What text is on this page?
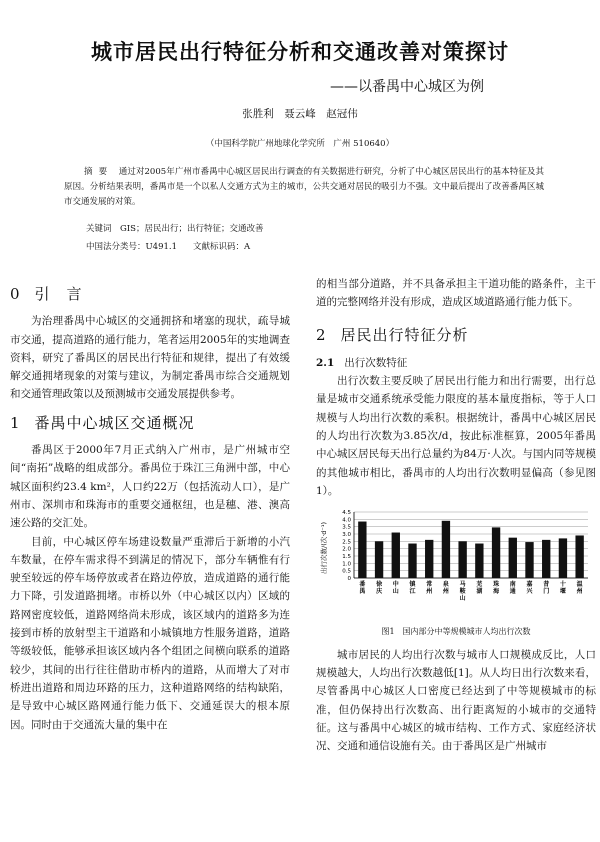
城市居民出行特征分析和交通改善对策探讨
——以番禺中心城区为例
张胜利　聂云峰　赵冠伟
（中国科学院广州地球化学究所　广州 510640）
摘要 通过对2005年广州市番禺中心城区居民出行调查的有关数据进行研究，分析了中心城区居民出行的基本特征及其原因。分析结果表明，番禺市是一个以私人交通方式为主的城市，公共交通对居民的吸引力不强。文中最后提出了改善番禺区城市交通发展的对策。
关键词　GIS；居民出行；出行特征；交通改善
中国法分类号：U491.1 文献标识码：A
0 引　言

为治理番禺中心城区的交通拥挤和堵塞的现状，疏导城市交通，提高道路的通行能力，笔者运用2005年的实地调查资料，研究了番禺区的居民出行特征和规律，提出了有效缓解交通拥堵现象的对策与建议，为制定番禺市综合交通规划和交通管理政策以及预测城市交通发展提供参考。

1 番禺中心城区交通概况

番禺区于2000年7月正式纳入广州市，是广州城市空间“南拓”战略的组成部分。番禺位于珠江三角洲中部，中心城区面积约23.4 km²，人口约22万（包括流动人口），是广州市、深圳市和珠海市的重要交通枢纽，也是穗、港、澳高速公路的交汇处。

目前，中心城区停车场建设数量严重滞后于新增的小汽车数量，在停车需求得不到满足的情况下，部分车辆惟有行驶至较远的停车场停放或者在路边停放，造成道路的通行能力下降，引发道路拥堵。市桥以外（中心城区以内）区域的路网密度较低，道路网络尚未形成，该区域内的道路多为连接到市桥的放射型主干道路和小城镇地方性服务道路，道路等级较低，能够承担该区域内各个组团之间横向联系的道路较少，其间的出行往往借助市桥内的道路，从而增大了对市桥进出道路和周边环路的压力，这种道路网络的结构缺陷，是导致中心城区路网通行能力低下、交通延误大的根本原因。同时由于交通流大量的集中在

的相当部分道路，并不具备承担主干道功能的路条件，主干道的完整网络并没有形成，造成区域道路通行能力低下。

2 居民出行特征分析
2.1 出行次数特征

出行次数主要反映了居民出行能力和出行需要，出行总量是城市交通系统承受能力限度的基本量度指标，等于人口规模与人均出行次数的乘积。根据统计，番禺中心城区居民的人均出行次数为3.85次/d，按此标准框算，2005年番禺中心城区居民每天出行总量约为84万·人次。与国内同等规模的其他城市相比，番禺市的人均出行次数明显偏高（参见图1）。

出行次数/(次·d⁻¹)
0
0.5
1.0
1.5
2.0
2.5
3.0
3.5
4.0
4.5
番
禺
徐
庆
中
山
镇
江
常
州
泉
州
马
鞍
山
芜
湖
珠
海
南
通
嘉
兴
昔
门
十
堰
温
州
图1　国内部分中等规模城市人均出行次数

城市居民的人均出行次数与城市人口规模成反比，人口规模越大，人均出行次数越低[1]。从人均日出行次数来看，尽管番禺中心城区人口密度已经达到了中等规模城市的标准，但仍保持出行次数高、出行距离短的小城市的交通特征。这与番禺中心城区的城市结构、工作方式、家庭经济状况、交通和通信设施有关。由于番禺区是广州城市
